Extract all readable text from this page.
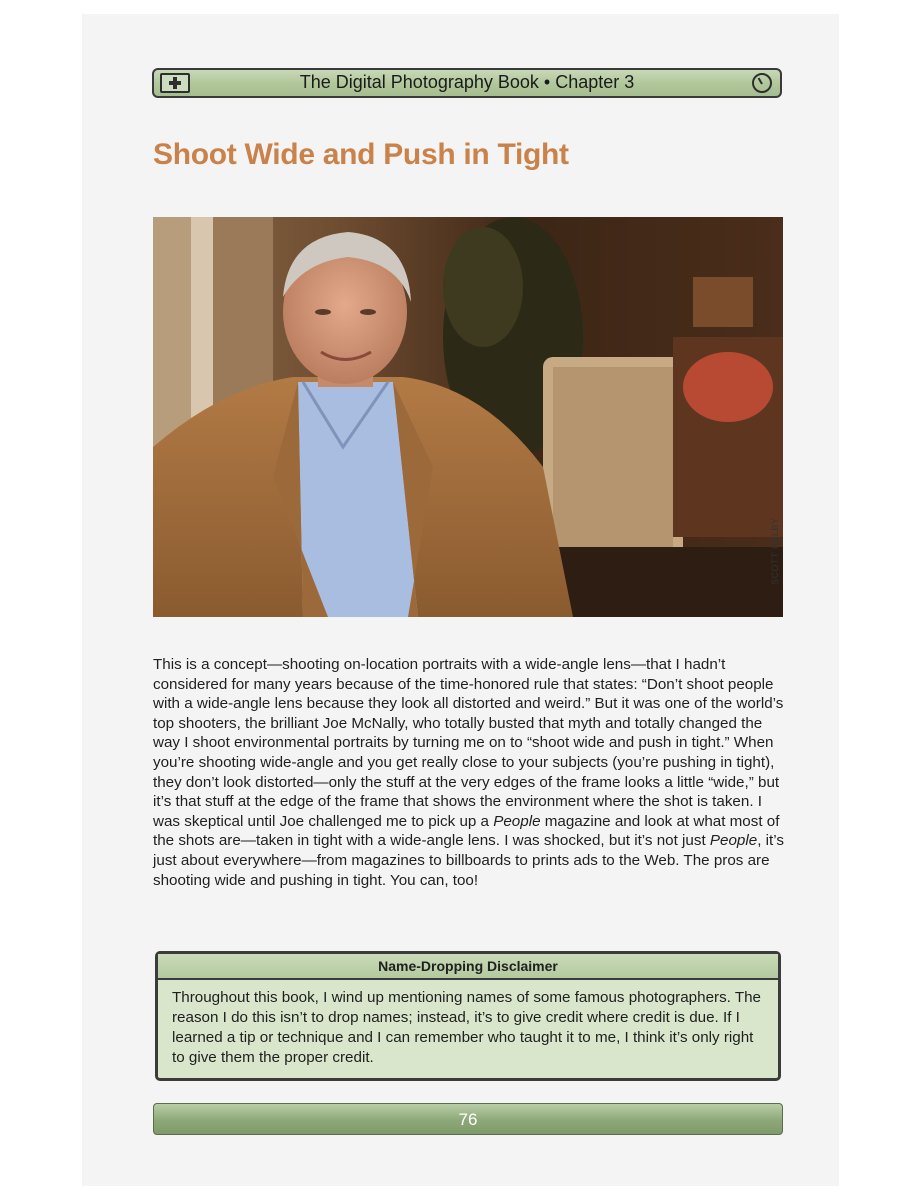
The Digital Photography Book • Chapter 3
Shoot Wide and Push in Tight
SCOTT KELBY
This is a concept—shooting on-location portraits with a wide-angle lens—that I hadn’t considered for many years because of the time-honored rule that states: “Don’t shoot people with a wide-angle lens because they look all distorted and weird.” But it was one of the world’s top shooters, the brilliant Joe McNally, who totally busted that myth and totally changed the way I shoot environmental portraits by turning me on to “shoot wide and push in tight.” When you’re shooting wide-angle and you get really close to your subjects (you’re pushing in tight), they don’t look distorted—only the stuff at the very edges of the frame looks a little “wide,” but it’s that stuff at the edge of the frame that shows the environment where the shot is taken. I was skeptical until Joe challenged me to pick up a People magazine and look at what most of the shots are—taken in tight with a wide-angle lens. I was shocked, but it’s not just People, it’s just about everywhere—from magazines to billboards to prints ads to the Web. The pros are shooting wide and pushing in tight. You can, too!
Name-Dropping Disclaimer
Throughout this book, I wind up mentioning names of some famous photographers. The reason I do this isn’t to drop names; instead, it’s to give credit where credit is due. If I learned a tip or technique and I can remember who taught it to me, I think it’s only right to give them the proper credit.
76
